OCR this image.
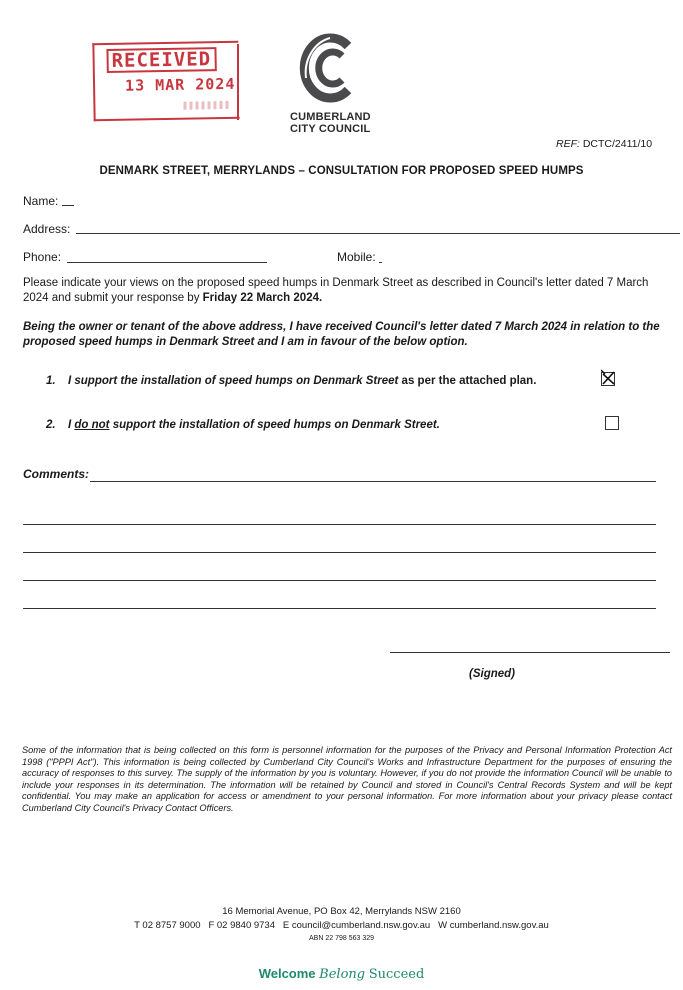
RECEIVED
13 MAR 2024
CUMBERLAND
CITY COUNCIL
REF: DCTC/2411/10
DENMARK STREET, MERRYLANDS – CONSULTATION FOR PROPOSED SPEED HUMPS
Name:
Address:
Phone:	Mobile:
Please indicate your views on the proposed speed humps in Denmark Street as described in Council's letter dated 7 March 2024 and submit your response by Friday 22 March 2024.
Being the owner or tenant of the above address, I have received Council's letter dated 7 March 2024 in relation to the proposed speed humps in Denmark Street and I am in favour of the below option.
1. I support the installation of speed humps on Denmark Street as per the attached plan.
2. I do not support the installation of speed humps on Denmark Street.
Comments:
(Signed)
Some of the information that is being collected on this form is personnel information for the purposes of the Privacy and Personal Information Protection Act 1998 ("PPPI Act"). This information is being collected by Cumberland City Council's Works and Infrastructure Department for the purposes of ensuring the accuracy of responses to this survey. The supply of the information by you is voluntary. However, if you do not provide the information Council will be unable to include your responses in its determination. The information will be retained by Council and stored in Council's Central Records System and will be kept confidential. You may make an application for access or amendment to your personal information. For more information about your privacy please contact Cumberland City Council's Privacy Contact Officers.
16 Memorial Avenue, PO Box 42, Merrylands NSW 2160
T 02 8757 9000   F 02 9840 9734   E council@cumberland.nsw.gov.au   W cumberland.nsw.gov.au
ABN 22 798 563 329
Welcome Belong Succeed
